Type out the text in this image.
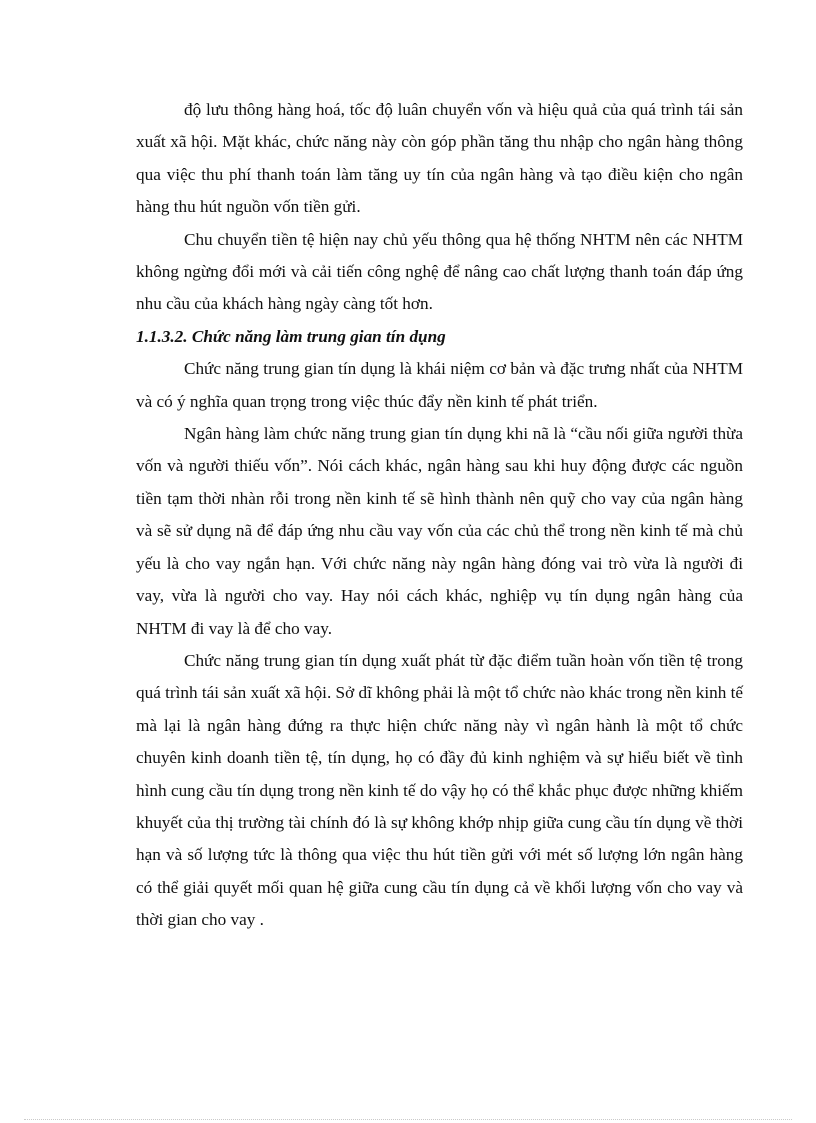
độ lưu thông hàng hoá, tốc độ luân chuyển vốn và hiệu quả của quá trình tái sản xuất xã hội. Mặt khác, chức năng này còn góp phần tăng thu nhập cho ngân hàng thông qua việc thu phí thanh toán làm tăng uy tín của ngân hàng và tạo điều kiện cho ngân hàng thu hút nguồn vốn tiền gửi.

Chu chuyển tiền tệ hiện nay chủ yếu thông qua hệ thống NHTM nên các NHTM không ngừng đổi mới và cải tiến công nghệ để nâng cao chất lượng thanh toán đáp ứng nhu cầu của khách hàng ngày càng tốt hơn.

1.1.3.2. Chức năng làm trung gian tín dụng

Chức năng trung gian tín dụng là khái niệm cơ bản và đặc trưng nhất của NHTM và có ý nghĩa quan trọng trong việc thúc đẩy nền kinh tế phát triển.

Ngân hàng làm chức năng trung gian tín dụng khi nã là “cầu nối giữa người thừa vốn và người thiếu vốn”. Nói cách khác, ngân hàng sau khi huy động được các nguồn tiền tạm thời nhàn rỗi trong nền kinh tế sẽ hình thành nên quỹ cho vay của ngân hàng và sẽ sử dụng nã để đáp ứng nhu cầu vay vốn của các chủ thể trong nền kinh tế mà chủ yếu là cho vay ngắn hạn. Với chức năng này ngân hàng đóng vai trò vừa là người đi vay, vừa là người cho vay. Hay nói cách khác, nghiệp vụ tín dụng ngân hàng của NHTM đi vay là để cho vay.

Chức năng trung gian tín dụng xuất phát từ đặc điểm tuần hoàn vốn tiền tệ trong quá trình tái sản xuất xã hội. Sở dĩ không phải là một tổ chức nào khác trong nền kinh tế mà lại là ngân hàng đứng ra thực hiện chức năng này vì ngân hành là một tổ chức chuyên kinh doanh tiền tệ, tín dụng, họ có đầy đủ kinh nghiệm và sự hiểu biết về tình hình cung cầu tín dụng trong nền kinh tế do vậy họ có thể khắc phục được những khiếm khuyết của thị trường tài chính đó là sự không khớp nhịp giữa cung cầu tín dụng về thời hạn và số lượng tức là thông qua việc thu hút tiền gửi với mét số lượng lớn ngân hàng có thể giải quyết mối quan hệ giữa cung cầu tín dụng cả về khối lượng vốn cho vay và thời gian cho vay .
